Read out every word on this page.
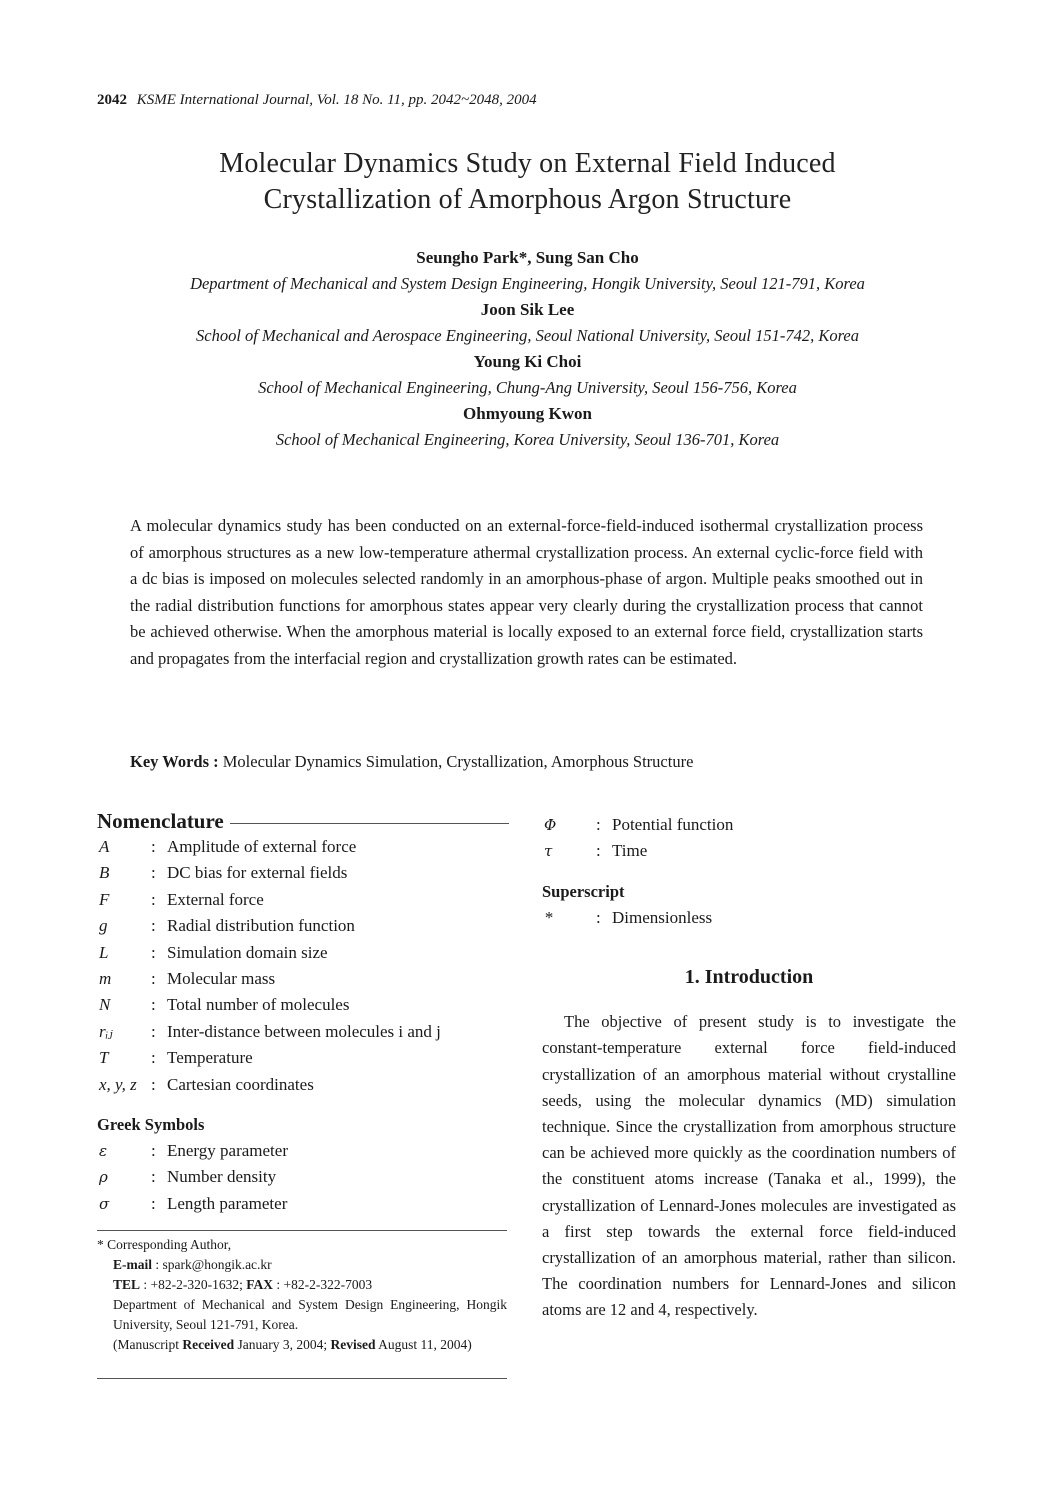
2042 KSME International Journal, Vol. 18 No. 11, pp. 2042~2048, 2004
Molecular Dynamics Study on External Field Induced
Crystallization of Amorphous Argon Structure
Seungho Park*, Sung San Cho
Department of Mechanical and System Design Engineering, Hongik University, Seoul 121-791, Korea
Joon Sik Lee
School of Mechanical and Aerospace Engineering, Seoul National University, Seoul 151-742, Korea
Young Ki Choi
School of Mechanical Engineering, Chung-Ang University, Seoul 156-756, Korea
Ohmyoung Kwon
School of Mechanical Engineering, Korea University, Seoul 136-701, Korea
A molecular dynamics study has been conducted on an external-force-field-induced isothermal crystallization process of amorphous structures as a new low-temperature athermal crystallization process. An external cyclic-force field with a dc bias is imposed on molecules selected randomly in an amorphous-phase of argon. Multiple peaks smoothed out in the radial distribution functions for amorphous states appear very clearly during the crystallization process that cannot be achieved otherwise. When the amorphous material is locally exposed to an external force field, crystallization starts and propagates from the interfacial region and crystallization growth rates can be estimated.
Key Words : Molecular Dynamics Simulation, Crystallization, Amorphous Structure
Nomenclature
A	: Amplitude of external force
B	: DC bias for external fields
F	: External force
g	: Radial distribution function
L	: Simulation domain size
m	: Molecular mass
N	: Total number of molecules
rᵢⱼ	: Inter-distance between molecules i and j
T	: Temperature
x, y, z : Cartesian coordinates
Greek Symbols
ε	: Energy parameter
ρ	: Number density
σ	: Length parameter
* Corresponding Author,
E-mail : spark@hongik.ac.kr
TEL : +82-2-320-1632; FAX : +82-2-322-7003
Department of Mechanical and System Design Engineering, Hongik University, Seoul 121-791, Korea.
(Manuscript Received January 3, 2004; Revised August 11, 2004)
Φ	: Potential function
τ	: Time
Superscript
*	: Dimensionless
1. Introduction
The objective of present study is to investigate the constant-temperature external force field-induced crystallization of an amorphous material without crystalline seeds, using the molecular dynamics (MD) simulation technique. Since the crystallization from amorphous structure can be achieved more quickly as the coordination numbers of the constituent atoms increase (Tanaka et al., 1999), the crystallization of Lennard-Jones molecules are investigated as a first step towards the external force field-induced crystallization of an amorphous material, rather than silicon. The coordination numbers for Lennard-Jones and silicon atoms are 12 and 4, respectively.
